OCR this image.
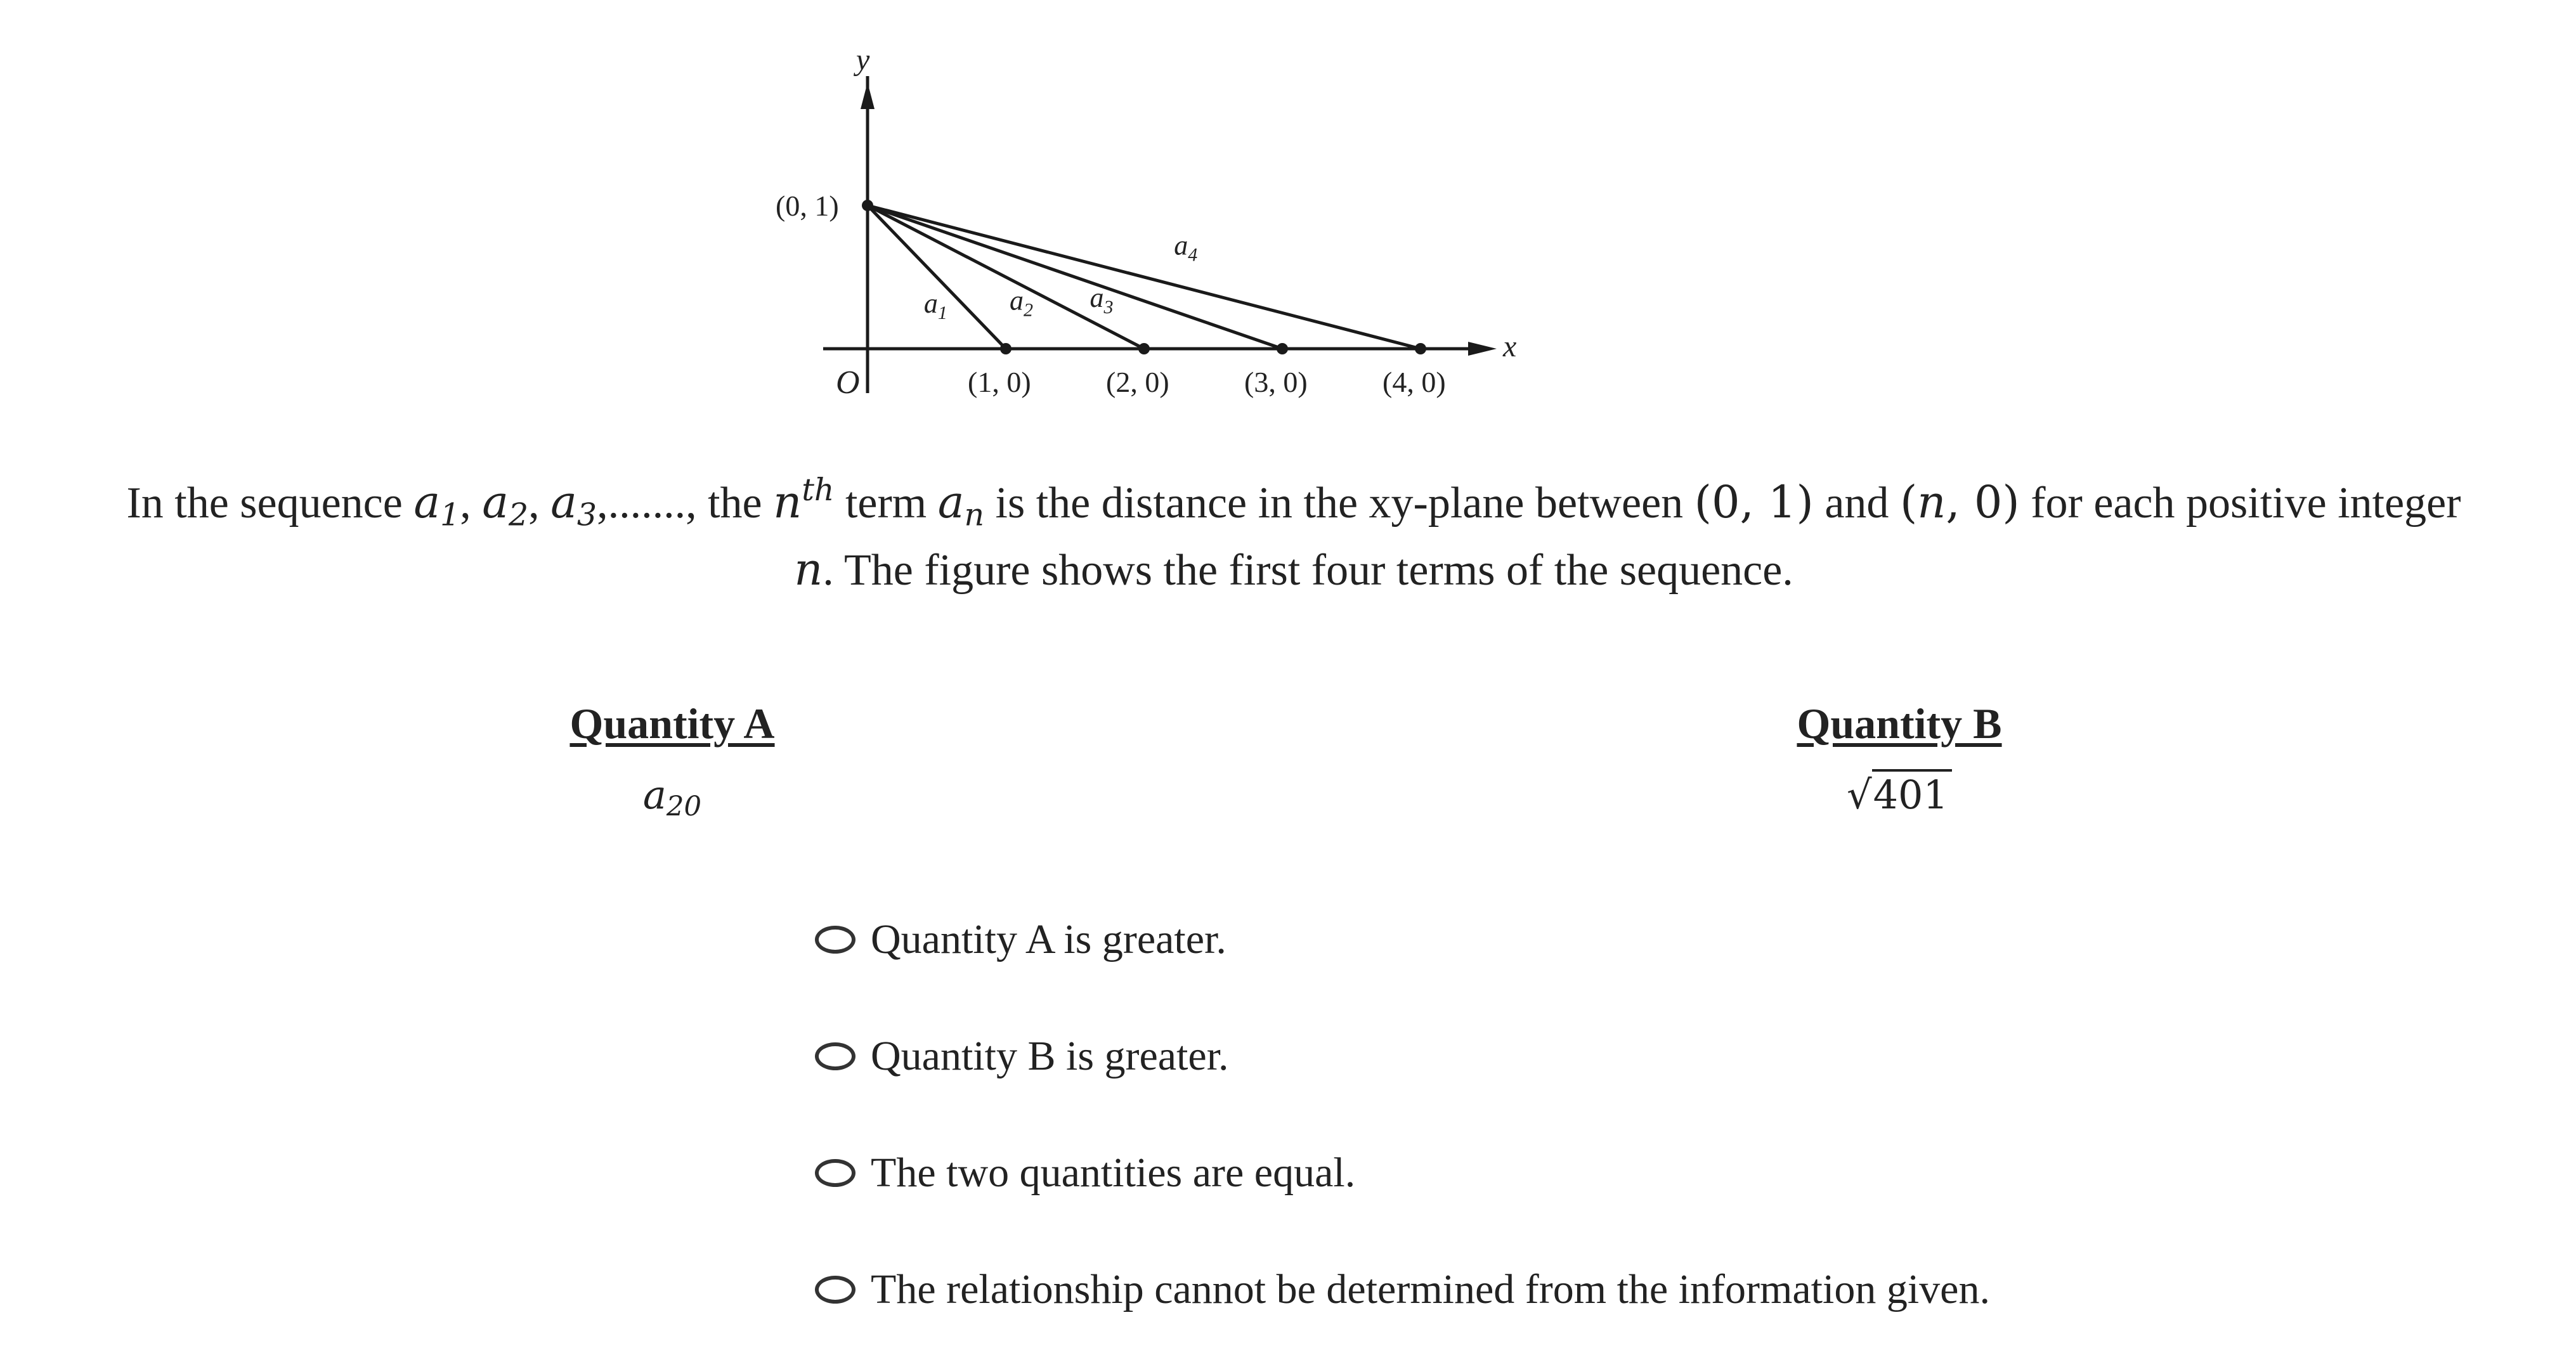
x
y
O
(0, 1)
(1, 0)	(2, 0)	(3, 0)	(4, 0)
$a_1$ $a_2$ $a_3$
$a_4$
In the sequence $a_1$, $a_2$, $a_3$,......., the $n^{th}$ term $a_n$ is the distance in the xy-plane between (0, 1) and (n, 0) for each positive integer n. The figure shows the first four terms of the sequence.
Quantity A
$a_{20}$
Quantity B
√401
Quantity A is greater.
Quantity B is greater.
The two quantities are equal.
The relationship cannot be determined from the information given.
